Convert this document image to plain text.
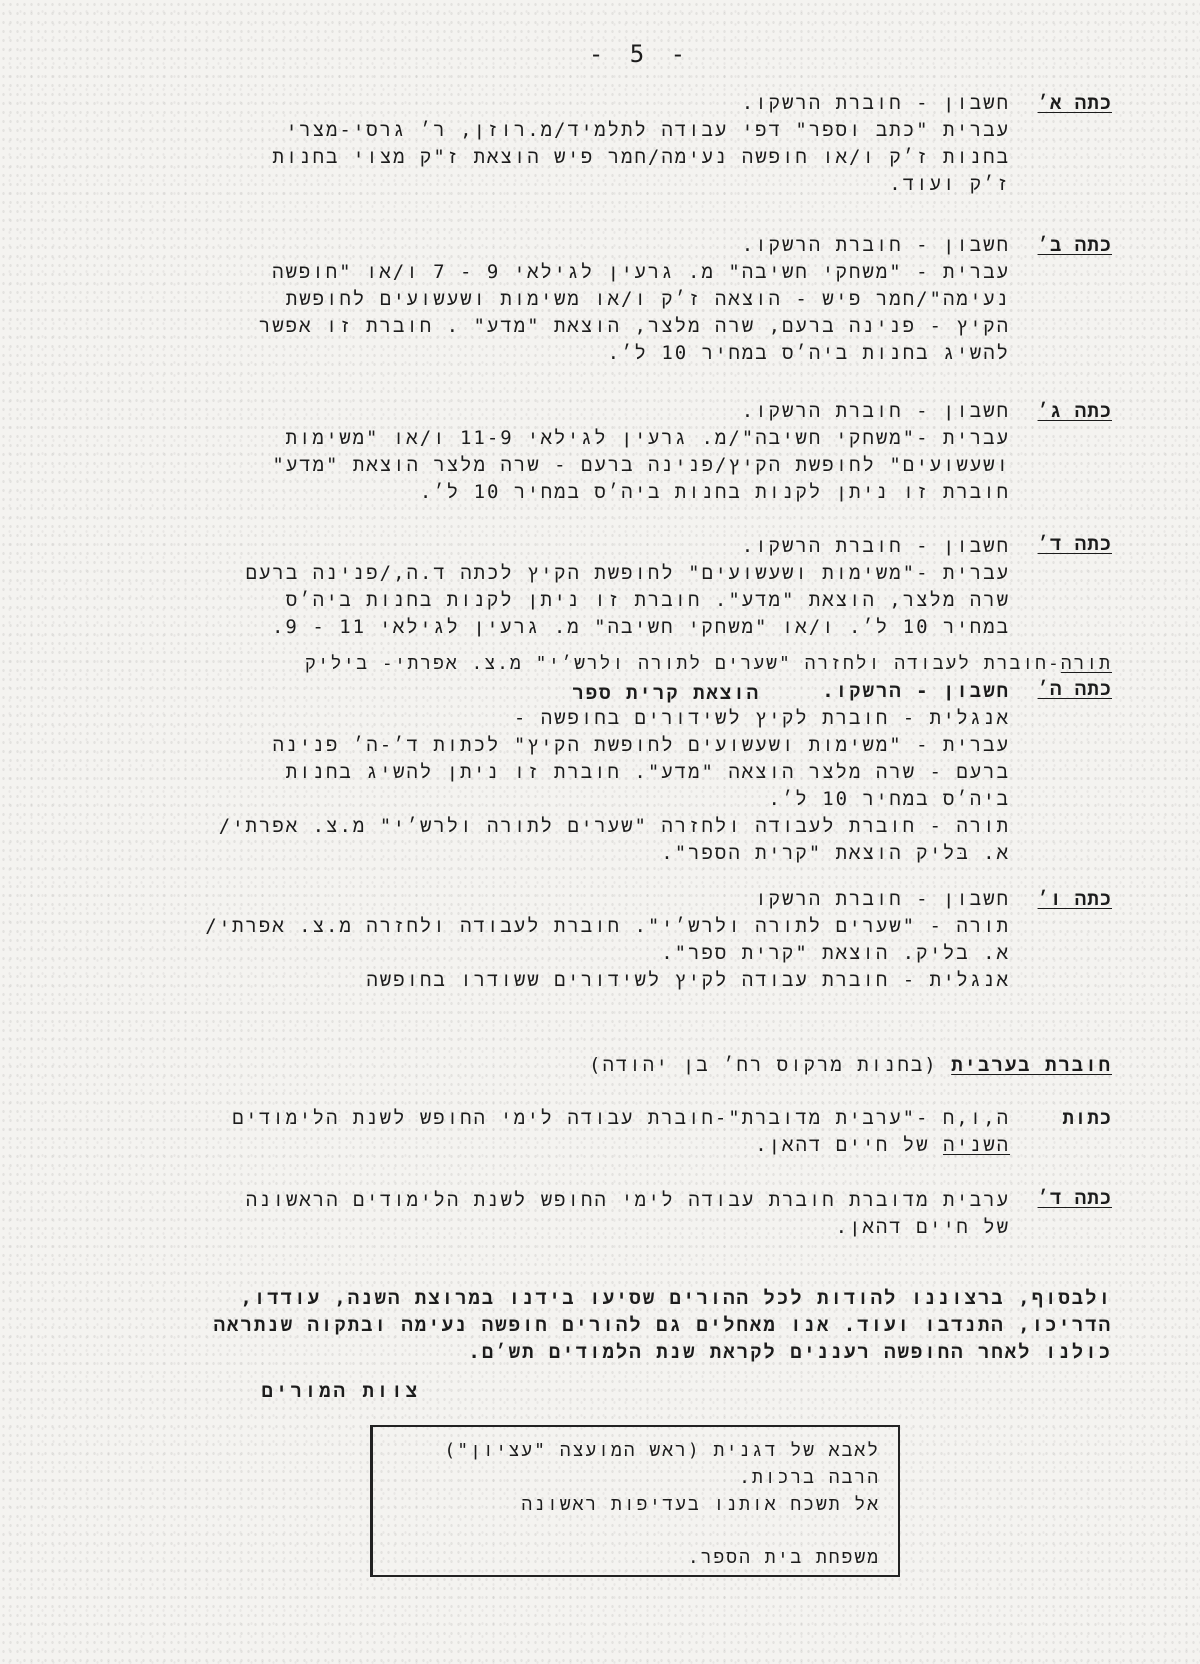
- 5 -
כתה א׳
חשבון - חוברת הרשקו.
עברית "כתב וספר" דפי עבודה לתלמיד/מ.רוזן, ר׳ גרסי-מצרי
בחנות ז׳ק ו/או חופשה נעימה/חמר פיש הוצאת ז"ק מצוי בחנות
ז׳ק ועוד.
כתה ב׳
חשבון - חוברת הרשקו.
עברית - "משחקי חשיבה" מ. גרעין לגילאי 9 - 7 ו/או "חופשה
נעימה"/חמר פיש - הוצאה ז׳ק ו/או משימות ושעשועים לחופשת
הקיץ - פנינה ברעם, שרה מלצר, הוצאת "מדע" . חוברת זו אפשר
להשיג בחנות ביה׳ס במחיר 10 ל׳.
כתה ג׳
חשבון - חוברת הרשקו.
עברית -"משחקי חשיבה"/מ. גרעין לגילאי 11-9 ו/או "משימות
ושעשועים" לחופשת הקיץ/פנינה ברעם - שרה מלצר הוצאת "מדע"
חוברת זו ניתן לקנות בחנות ביה׳ס במחיר 10 ל׳.
כתה ד׳
חשבון - חוברת הרשקו.
עברית -"משימות ושעשועים" לחופשת הקיץ לכתה ד.ה,/פנינה ברעם
שרה מלצר, הוצאת "מדע". חוברת זו ניתן לקנות בחנות ביה׳ס
במחיר 10 ל׳. ו/או "משחקי חשיבה" מ. גרעין לגילאי 11 - 9.
תורה-חוברת לעבודה ולחזרה "שערים לתורה ולרש׳י" מ.צ. אפרתי- ביליק
כתה ה׳
חשבון - הרשקו.
אנגלית - חוברת לקיץ לשידורים בחופשה -
עברית - "משימות ושעשועים לחופשת הקיץ" לכתות ד׳-ה׳ פנינה
ברעם - שרה מלצר הוצאה "מדע". חוברת זו ניתן להשיג בחנות
ביה׳ס במחיר 10 ל׳.
תורה - חוברת לעבודה ולחזרה "שערים לתורה ולרש׳י" מ.צ. אפרתי/
א. בּליק הוצאת "קרית הספר".
הוצאת קרית ספר
כתה ו׳
חשבון - חוברת הרשקו
תורה - "שערים לתורה ולרש׳י". חוברת לעבודה ולחזרה מ.צ. אפרתי/
א. בליק. הוצאת "קרית ספר".
אנגלית - חוברת עבודה לקיץ לשידורים ששודרו בחופשה
חוברת בערבית (בחנות מרקוס רח׳ בן יהודה)
כתות
ה,ו,ח -"ערבית מדוברת"-חוברת עבודה לימי החופש לשנת הלימודים
השניה של חיים דהאן.
כתה ד׳
ערבית מדוברת חוברת עבודה לימי החופש לשנת הלימודים הראשונה
של חיים דהאן.
ולבסוף, ברצוננו להודות לכל ההורים שסיעו בידנו במרוצת השנה, עודדו,
הדריכו, התנדבו ועוד. אנו מאחלים גם להורים חופשה נעימה ובתקוה שנתראה
כולנו לאחר החופשה רעננים לקראת שנת הלמודים תש׳ם.
צוות המורים
לאבא של דגנית (ראש המועצה "עציון")
הרבה ברכות.
אל תשכח אותנו בעדיפות ראשונה
משפחת בית הספר.
